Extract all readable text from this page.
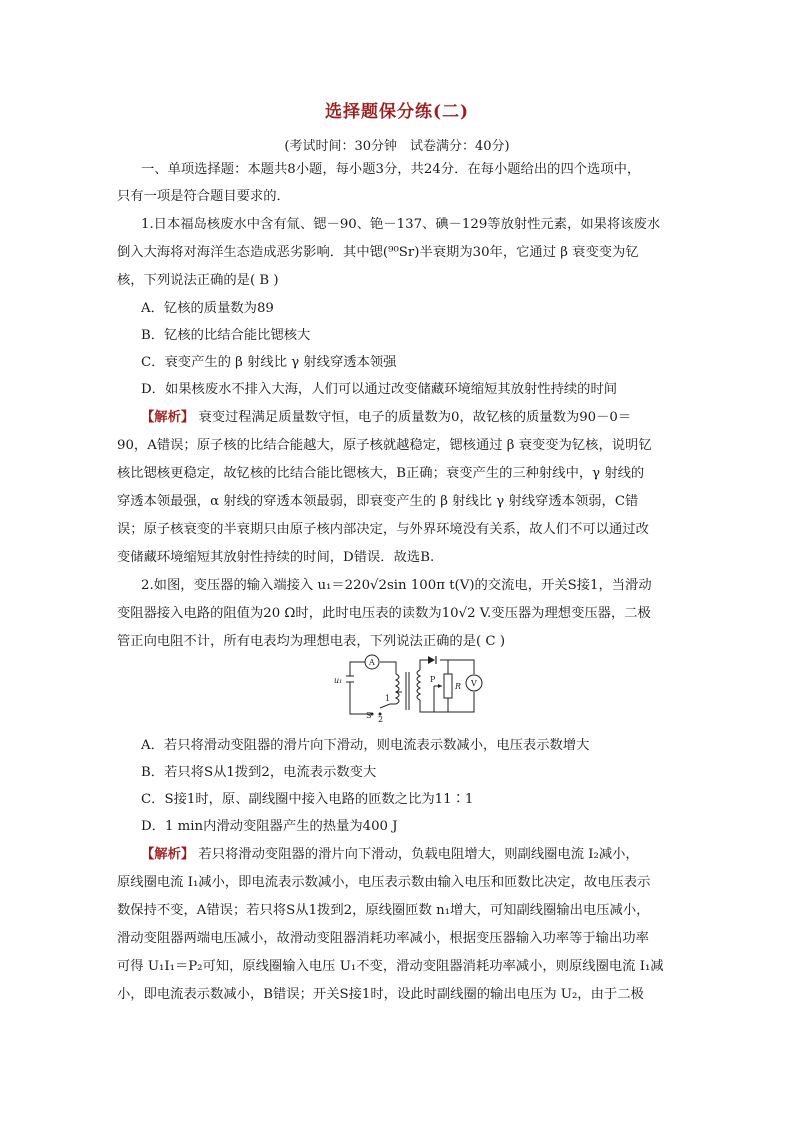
选择题保分练(二)
(考试时间：30分钟　试卷满分：40分)
一、单项选择题：本题共8小题，每小题3分，共24分．在每小题给出的四个选项中，
只有一项是符合题目要求的．
1.日本福岛核废水中含有氚、锶－90、铯－137、碘－129等放射性元素，如果将该废水
倒入大海将对海洋生态造成恶劣影响．其中锶(⁹⁰Sr)半衰期为30年，它通过 β 衰变变为钇
核，下列说法正确的是( B )
A．钇核的质量数为89
B．钇核的比结合能比锶核大
C．衰变产生的 β 射线比 γ 射线穿透本领强
D．如果核废水不排入大海，人们可以通过改变储藏环境缩短其放射性持续的时间
【解析】 衰变过程满足质量数守恒，电子的质量数为0，故钇核的质量数为90－0＝
90，A错误；原子核的比结合能越大，原子核就越稳定，锶核通过 β 衰变变为钇核，说明钇
核比锶核更稳定，故钇核的比结合能比锶核大，B正确；衰变产生的三种射线中，γ 射线的
穿透本领最强，α 射线的穿透本领最弱，即衰变产生的 β 射线比 γ 射线穿透本领弱，C错
误；原子核衰变的半衰期只由原子核内部决定，与外界环境没有关系，故人们不可以通过改
变储藏环境缩短其放射性持续的时间，D错误．故选B.
2.如图，变压器的输入端接入 u₁＝220√2sin 100π t(V)的交流电，开关S接1，当滑动
变阻器接入电路的阻值为20 Ω时，此时电压表的读数为10√2 V.变压器为理想变压器，二极
管正向电阻不计，所有电表均为理想电表，下列说法正确的是( C )
A
V
u₁
S
1
2
P
R
A．若只将滑动变阻器的滑片向下滑动，则电流表示数减小，电压表示数增大
B．若只将S从1拨到2，电流表示数变大
C．S接1时，原、副线圈中接入电路的匝数之比为11∶1
D．1 min内滑动变阻器产生的热量为400 J
【解析】 若只将滑动变阻器的滑片向下滑动，负载电阻增大，则副线圈电流 I₂减小，
原线圈电流 I₁减小，即电流表示数减小，电压表示数由输入电压和匝数比决定，故电压表示
数保持不变，A错误；若只将S从1拨到2，原线圈匝数 n₁增大，可知副线圈输出电压减小，
滑动变阻器两端电压减小，故滑动变阻器消耗功率减小，根据变压器输入功率等于输出功率
可得 U₁I₁＝P₂可知，原线圈输入电压 U₁不变，滑动变阻器消耗功率减小，则原线圈电流 I₁减
小，即电流表示数减小，B错误；开关S接1时，设此时副线圈的输出电压为 U₂，由于二极
